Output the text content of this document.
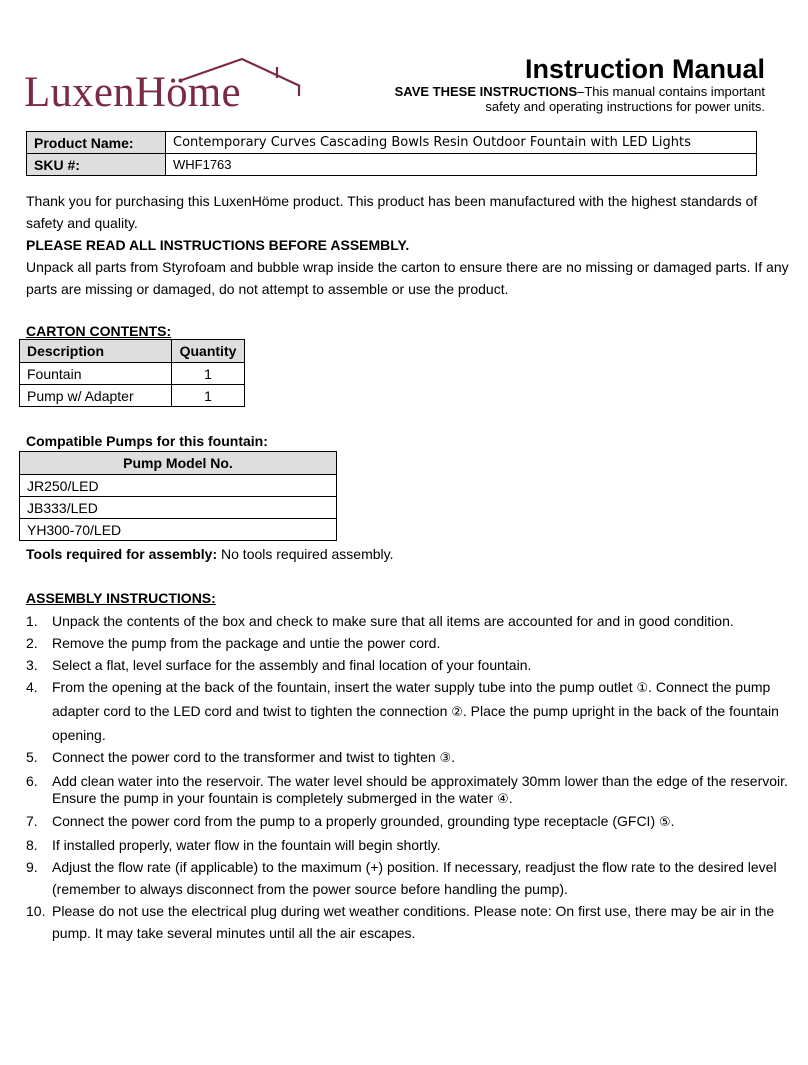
LuxenHöme	Instruction Manual
SAVE THESE INSTRUCTIONS–This manual contains important
safety and operating instructions for power units.
Product Name:	Contemporary Curves Cascading Bowls Resin Outdoor Fountain with LED Lights
SKU #:	WHF1763
Thank you for purchasing this LuxenHöme product. This product has been manufactured with the highest standards of safety and quality.
PLEASE READ ALL INSTRUCTIONS BEFORE ASSEMBLY.
Unpack all parts from Styrofoam and bubble wrap inside the carton to ensure there are no missing or damaged parts. If any parts are missing or damaged, do not attempt to assemble or use the product.
CARTON CONTENTS:
Description	Quantity
Fountain	1
Pump w/ Adapter	1
Compatible Pumps for this fountain:
Pump Model No.
JR250/LED
JB333/LED
YH300-70/LED
Tools required for assembly: No tools required assembly.
ASSEMBLY INSTRUCTIONS:
1. Unpack the contents of the box and check to make sure that all items are accounted for and in good condition.
2. Remove the pump from the package and untie the power cord.
3. Select a flat, level surface for the assembly and final location of your fountain.
4. From the opening at the back of the fountain, insert the water supply tube into the pump outlet ①. Connect the pump adapter cord to the LED cord and twist to tighten the connection ②. Place the pump upright in the back of the fountain opening.
5. Connect the power cord to the transformer and twist to tighten ③.
6. Add clean water into the reservoir. The water level should be approximately 30mm lower than the edge of the reservoir. Ensure the pump in your fountain is completely submerged in the water ④.
7. Connect the power cord from the pump to a properly grounded, grounding type receptacle (GFCI) ⑤.
8. If installed properly, water flow in the fountain will begin shortly.
9. Adjust the flow rate (if applicable) to the maximum (+) position. If necessary, readjust the flow rate to the desired level (remember to always disconnect from the power source before handling the pump).
10. Please do not use the electrical plug during wet weather conditions. Please note: On first use, there may be air in the pump. It may take several minutes until all the air escapes.
